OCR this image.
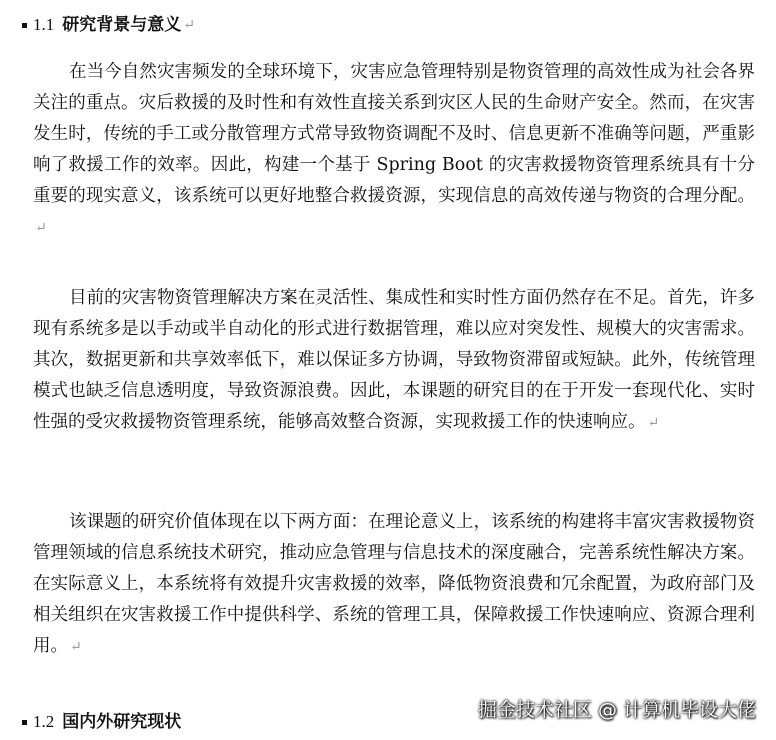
1.1 研究背景与意义 ↵

在当今自然灾害频发的全球环境下，灾害应急管理特别是物资管理的高效性成为社会各界关注的重点。灾后救援的及时性和有效性直接关系到灾区人民的生命财产安全。然而，在灾害发生时，传统的手工或分散管理方式常导致物资调配不及时、信息更新不准确等问题，严重影响了救援工作的效率。因此，构建一个基于 Spring Boot 的灾害救援物资管理系统具有十分重要的现实意义，该系统可以更好地整合救援资源，实现信息的高效传递与物资的合理分配。↵

目前的灾害物资管理解决方案在灵活性、集成性和实时性方面仍然存在不足。首先，许多现有系统多是以手动或半自动化的形式进行数据管理，难以应对突发性、规模大的灾害需求。其次，数据更新和共享效率低下，难以保证多方协调，导致物资滞留或短缺。此外，传统管理模式也缺乏信息透明度，导致资源浪费。因此，本课题的研究目的在于开发一套现代化、实时性强的受灾救援物资管理系统，能够高效整合资源，实现救援工作的快速响应。 ↵

该课题的研究价值体现在以下两方面：在理论意义上，该系统的构建将丰富灾害救援物资管理领域的信息系统技术研究，推动应急管理与信息技术的深度融合，完善系统性解决方案。在实际意义上，本系统将有效提升灾害救援的效率，降低物资浪费和冗余配置，为政府部门及相关组织在灾害救援工作中提供科学、系统的管理工具，保障救援工作快速响应、资源合理利用。 ↵

1.2 国内外研究现状
掘金技术社区 @ 计算机毕设大佬
